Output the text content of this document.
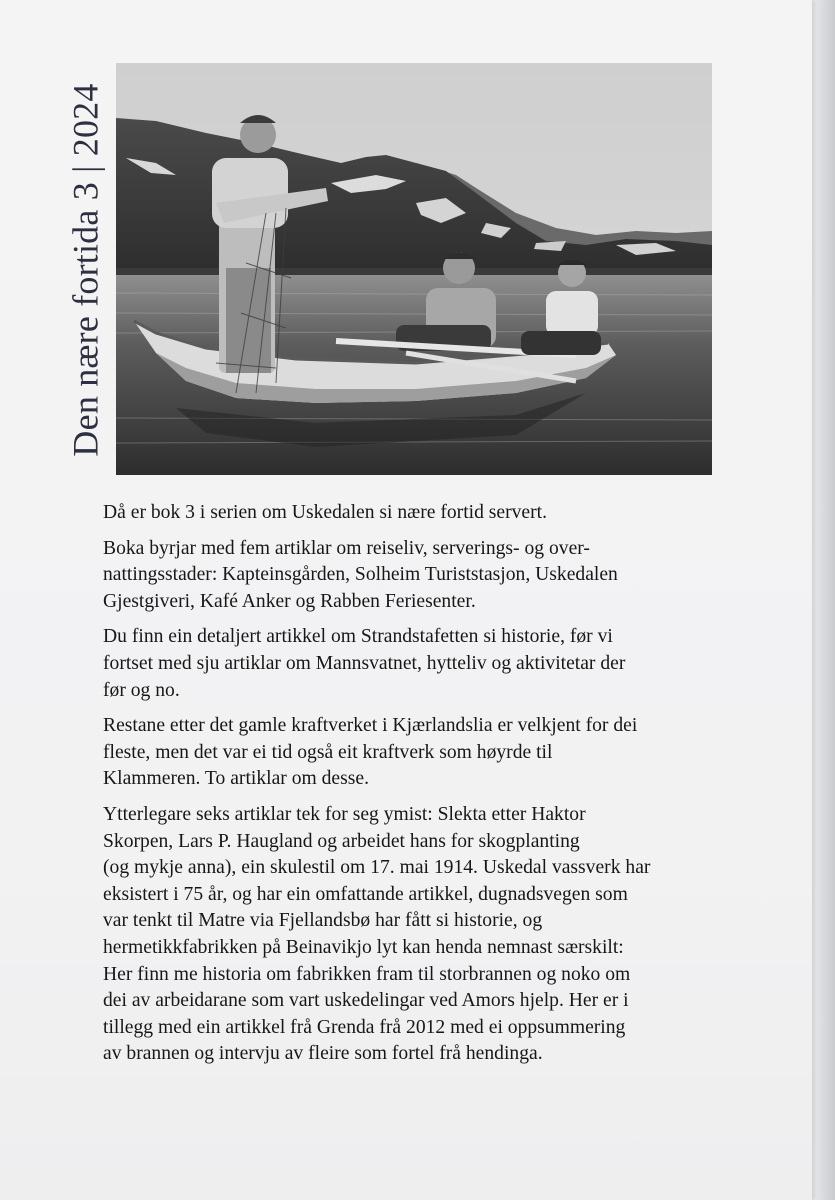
Den nære fortida 3 | 2024

Då er bok 3 i serien om Uskedalen si nære fortid servert.

Boka byrjar med fem artiklar om reiseliv, serverings- og over-
nattingsstader: Kapteinsgården, Solheim Turiststasjon, Uskedalen
Gjestgiveri, Kafé Anker og Rabben Feriesenter.

Du finn ein detaljert artikkel om Strandstafetten si historie, før vi
fortset med sju artiklar om Mannsvatnet, hytteliv og aktivitetar der
før og no.

Restane etter det gamle kraftverket i Kjærlandslia er velkjent for dei
fleste, men det var ei tid også eit kraftverk som høyrde til
Klammeren. To artiklar om desse.

Ytterlegare seks artiklar tek for seg ymist: Slekta etter Haktor
Skorpen, Lars P. Haugland og arbeidet hans for skogplanting
(og mykje anna), ein skulestil om 17. mai 1914. Uskedal vassverk har
eksistert i 75 år, og har ein omfattande artikkel, dugnadsvegen som
var tenkt til Matre via Fjellandsbø har fått si historie, og
hermetikkfabrikken på Beinavikjo lyt kan henda nemnast særskilt:
Her finn me historia om fabrikken fram til storbrannen og noko om
dei av arbeidarane som vart uskedelingar ved Amors hjelp. Her er i
tillegg med ein artikkel frå Grenda frå 2012 med ei oppsummering
av brannen og intervju av fleire som fortel frå hendinga.
